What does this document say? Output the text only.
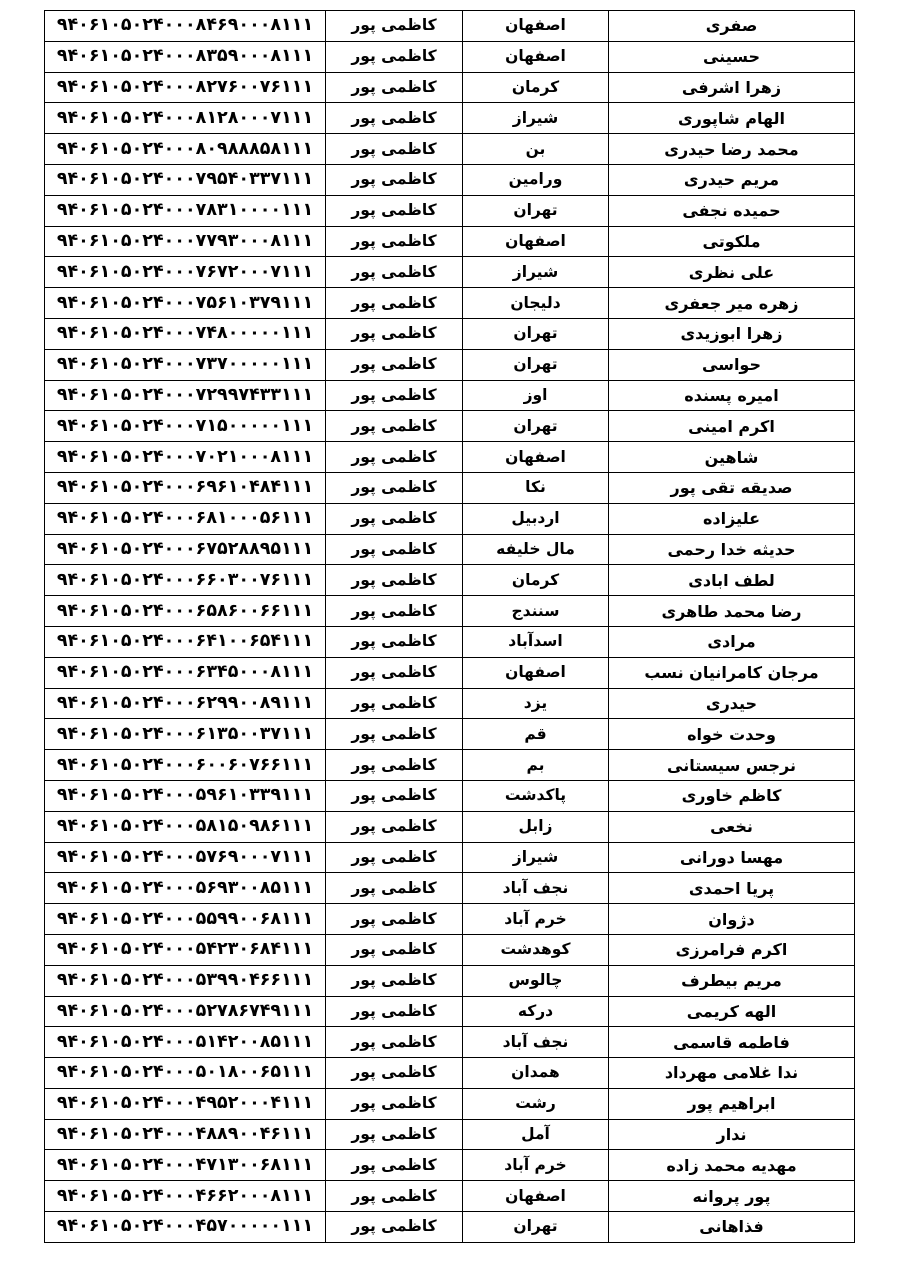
۹۴۰۶۱۰۵۰۲۴۰۰۰۸۴۶۹۰۰۰۸۱۱۱	کاظمی پور	اصفهان	صفری
۹۴۰۶۱۰۵۰۲۴۰۰۰۸۳۵۹۰۰۰۸۱۱۱	کاظمی پور	اصفهان	حسینی
۹۴۰۶۱۰۵۰۲۴۰۰۰۸۲۷۶۰۰۷۶۱۱۱	کاظمی پور	کرمان	زهرا اشرفی
۹۴۰۶۱۰۵۰۲۴۰۰۰۸۱۲۸۰۰۰۷۱۱۱	کاظمی پور	شیراز	الهام شاپوری
۹۴۰۶۱۰۵۰۲۴۰۰۰۸۰۹۸۸۸۵۸۱۱۱	کاظمی پور	بن	محمد رضا حیدری
۹۴۰۶۱۰۵۰۲۴۰۰۰۷۹۵۴۰۳۳۷۱۱۱	کاظمی پور	ورامین	مریم حیدری
۹۴۰۶۱۰۵۰۲۴۰۰۰۷۸۳۱۰۰۰۰۱۱۱	کاظمی پور	تهران	حمیده نجفی
۹۴۰۶۱۰۵۰۲۴۰۰۰۷۷۹۳۰۰۰۸۱۱۱	کاظمی پور	اصفهان	ملکوتی
۹۴۰۶۱۰۵۰۲۴۰۰۰۷۶۷۲۰۰۰۷۱۱۱	کاظمی پور	شیراز	علی نظری
۹۴۰۶۱۰۵۰۲۴۰۰۰۷۵۶۱۰۳۷۹۱۱۱	کاظمی پور	دلیجان	زهره میر جعفری
۹۴۰۶۱۰۵۰۲۴۰۰۰۷۴۸۰۰۰۰۰۱۱۱	کاظمی پور	تهران	زهرا ابوزیدی
۹۴۰۶۱۰۵۰۲۴۰۰۰۷۳۷۰۰۰۰۰۱۱۱	کاظمی پور	تهران	حواسی
۹۴۰۶۱۰۵۰۲۴۰۰۰۷۲۹۹۷۴۳۳۱۱۱	کاظمی پور	اوز	امیره پسنده
۹۴۰۶۱۰۵۰۲۴۰۰۰۷۱۵۰۰۰۰۰۱۱۱	کاظمی پور	تهران	اکرم امینی
۹۴۰۶۱۰۵۰۲۴۰۰۰۷۰۲۱۰۰۰۸۱۱۱	کاظمی پور	اصفهان	شاهین
۹۴۰۶۱۰۵۰۲۴۰۰۰۶۹۶۱۰۴۸۴۱۱۱	کاظمی پور	نکا	صدیقه تقی پور
۹۴۰۶۱۰۵۰۲۴۰۰۰۶۸۱۰۰۰۵۶۱۱۱	کاظمی پور	اردبیل	علیزاده
۹۴۰۶۱۰۵۰۲۴۰۰۰۶۷۵۲۸۸۹۵۱۱۱	کاظمی پور	مال خلیفه	حدیثه خدا رحمی
۹۴۰۶۱۰۵۰۲۴۰۰۰۶۶۰۳۰۰۷۶۱۱۱	کاظمی پور	کرمان	لطف ابادی
۹۴۰۶۱۰۵۰۲۴۰۰۰۶۵۸۶۰۰۶۶۱۱۱	کاظمی پور	سنندج	رضا محمد طاهری
۹۴۰۶۱۰۵۰۲۴۰۰۰۶۴۱۰۰۶۵۴۱۱۱	کاظمی پور	اسدآباد	مرادی
۹۴۰۶۱۰۵۰۲۴۰۰۰۶۳۴۵۰۰۰۸۱۱۱	کاظمی پور	اصفهان	مرجان کامرانیان نسب
۹۴۰۶۱۰۵۰۲۴۰۰۰۶۲۹۹۰۰۸۹۱۱۱	کاظمی پور	یزد	حیدری
۹۴۰۶۱۰۵۰۲۴۰۰۰۶۱۳۵۰۰۳۷۱۱۱	کاظمی پور	قم	وحدت خواه
۹۴۰۶۱۰۵۰۲۴۰۰۰۶۰۰۶۰۷۶۶۱۱۱	کاظمی پور	بم	نرجس سیستانی
۹۴۰۶۱۰۵۰۲۴۰۰۰۵۹۶۱۰۳۳۹۱۱۱	کاظمی پور	پاکدشت	کاظم خاوری
۹۴۰۶۱۰۵۰۲۴۰۰۰۵۸۱۵۰۹۸۶۱۱۱	کاظمی پور	زابل	نخعی
۹۴۰۶۱۰۵۰۲۴۰۰۰۵۷۶۹۰۰۰۷۱۱۱	کاظمی پور	شیراز	مهسا دورانی
۹۴۰۶۱۰۵۰۲۴۰۰۰۵۶۹۳۰۰۸۵۱۱۱	کاظمی پور	نجف آباد	پریا احمدی
۹۴۰۶۱۰۵۰۲۴۰۰۰۵۵۹۹۰۰۶۸۱۱۱	کاظمی پور	خرم آباد	دژوان
۹۴۰۶۱۰۵۰۲۴۰۰۰۵۴۲۳۰۶۸۴۱۱۱	کاظمی پور	کوهدشت	اکرم فرامرزی
۹۴۰۶۱۰۵۰۲۴۰۰۰۵۳۹۹۰۴۶۶۱۱۱	کاظمی پور	چالوس	مریم بیطرف
۹۴۰۶۱۰۵۰۲۴۰۰۰۵۲۷۸۶۷۴۹۱۱۱	کاظمی پور	درکه	الهه کریمی
۹۴۰۶۱۰۵۰۲۴۰۰۰۵۱۴۲۰۰۸۵۱۱۱	کاظمی پور	نجف آباد	فاطمه قاسمی
۹۴۰۶۱۰۵۰۲۴۰۰۰۵۰۱۸۰۰۶۵۱۱۱	کاظمی پور	همدان	ندا غلامی مهرداد
۹۴۰۶۱۰۵۰۲۴۰۰۰۴۹۵۲۰۰۰۴۱۱۱	کاظمی پور	رشت	ابراهیم پور
۹۴۰۶۱۰۵۰۲۴۰۰۰۴۸۸۹۰۰۴۶۱۱۱	کاظمی پور	آمل	ندار
۹۴۰۶۱۰۵۰۲۴۰۰۰۴۷۱۳۰۰۶۸۱۱۱	کاظمی پور	خرم آباد	مهدیه محمد زاده
۹۴۰۶۱۰۵۰۲۴۰۰۰۴۶۶۲۰۰۰۸۱۱۱	کاظمی پور	اصفهان	پور پروانه
۹۴۰۶۱۰۵۰۲۴۰۰۰۴۵۷۰۰۰۰۰۱۱۱	کاظمی پور	تهران	فذاهانی
